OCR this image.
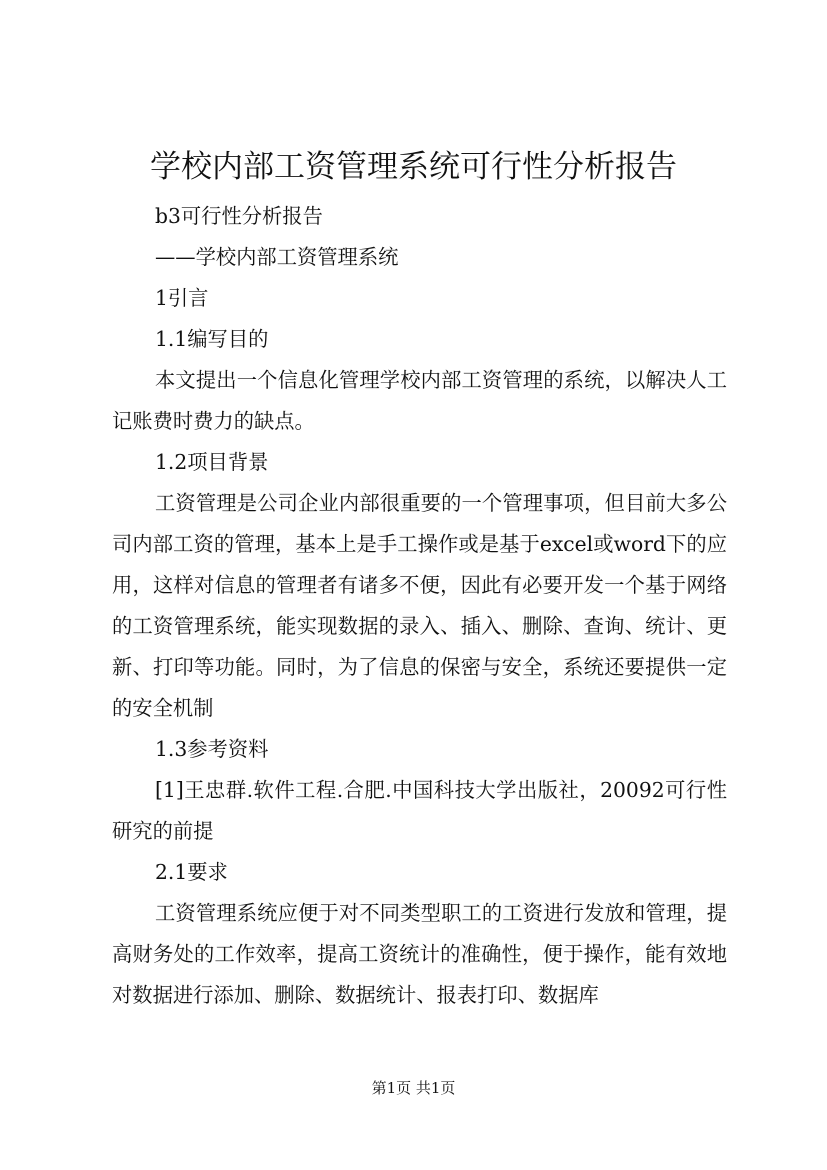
学校内部工资管理系统可行性分析报告

b3可行性分析报告

——学校内部工资管理系统

1引言

1.1编写目的

本文提出一个信息化管理学校内部工资管理的系统，以解决人工记账费时费力的缺点。

1.2项目背景

工资管理是公司企业内部很重要的一个管理事项，但目前大多公司内部工资的管理，基本上是手工操作或是基于excel或word下的应用，这样对信息的管理者有诸多不便，因此有必要开发一个基于网络的工资管理系统，能实现数据的录入、插入、删除、查询、统计、更新、打印等功能。同时，为了信息的保密与安全，系统还要提供一定的安全机制

1.3参考资料

[1]王忠群.软件工程.合肥.中国科技大学出版社，20092可行性研究的前提

2.1要求

工资管理系统应便于对不同类型职工的工资进行发放和管理，提高财务处的工作效率，提高工资统计的准确性，便于操作，能有效地对数据进行添加、删除、数据统计、报表打印、数据库

第1页 共1页
